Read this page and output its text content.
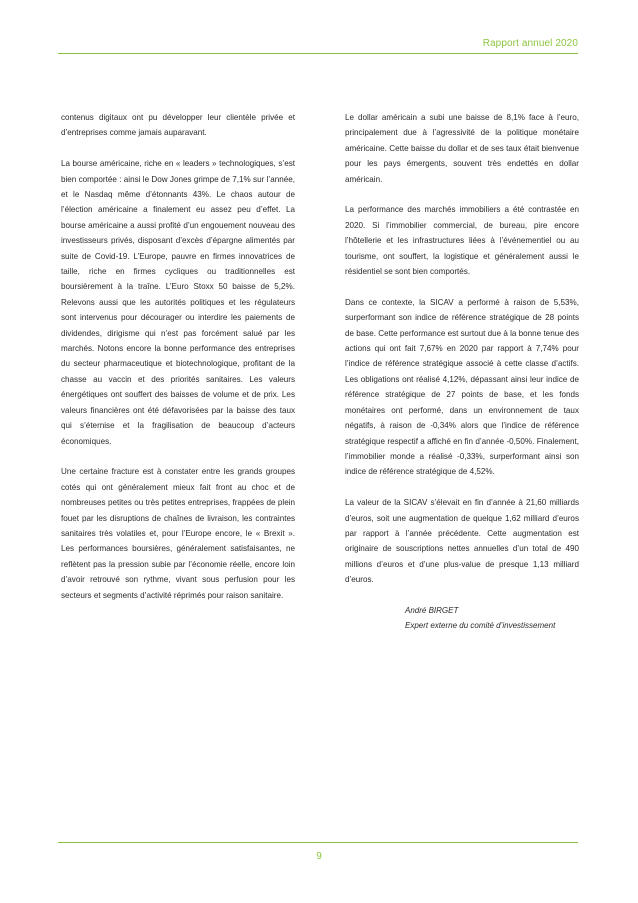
Rapport annuel 2020

contenus digitaux ont pu développer leur clientèle privée et d’entreprises comme jamais auparavant.

La bourse américaine, riche en « leaders » technologiques, s’est bien comportée : ainsi le Dow Jones grimpe de 7,1% sur l’année, et le Nasdaq même d’étonnants 43%. Le chaos autour de l’élection américaine a finalement eu assez peu d’effet. La bourse américaine a aussi profité d’un engouement nouveau des investisseurs privés, disposant d’excès d’épargne alimentés par suite de Covid-19. L’Europe, pauvre en firmes innovatrices de taille, riche en firmes cycliques ou traditionnelles est boursièrement à la traîne. L’Euro Stoxx 50 baisse de 5,2%. Relevons aussi que les autorités politiques et les régulateurs sont intervenus pour décourager ou interdire les paiements de dividendes, dirigisme qui n’est pas forcément salué par les marchés. Notons encore la bonne performance des entreprises du secteur pharmaceutique et biotechnologique, profitant de la chasse au vaccin et des priorités sanitaires. Les valeurs énergétiques ont souffert des baisses de volume et de prix. Les valeurs financières ont été défavorisées par la baisse des taux qui s’éternise et la fragilisation de beaucoup d’acteurs économiques.

Une certaine fracture est à constater entre les grands groupes cotés qui ont généralement mieux fait front au choc et de nombreuses petites ou très petites entreprises, frappées de plein fouet par les disruptions de chaînes de livraison, les contraintes sanitaires très volatiles et, pour l’Europe encore, le « Brexit ». Les performances boursières, généralement satisfaisantes, ne reflètent pas la pression subie par l’économie réelle, encore loin d’avoir retrouvé son rythme, vivant sous perfusion pour les secteurs et segments d’activité réprimés pour raison sanitaire.

Le dollar américain a subi une baisse de 8,1% face à l’euro, principalement due à l’agressivité de la politique monétaire américaine. Cette baisse du dollar et de ses taux était bienvenue pour les pays émergents, souvent très endettés en dollar américain.

La performance des marchés immobiliers a été contrastée en 2020. Si l’immobilier commercial, de bureau, pire encore l’hôtellerie et les infrastructures liées à l’événementiel ou au tourisme, ont souffert, la logistique et généralement aussi le résidentiel se sont bien comportés.

Dans ce contexte, la SICAV a performé à raison de 5,53%, surperformant son indice de référence stratégique de 28 points de base. Cette performance est surtout due à la bonne tenue des actions qui ont fait 7,67% en 2020 par rapport à 7,74% pour l’indice de référence stratégique associé à cette classe d’actifs. Les obligations ont réalisé 4,12%, dépassant ainsi leur indice de référence stratégique de 27 points de base, et les fonds monétaires ont performé, dans un environnement de taux négatifs, à raison de -0,34% alors que l’indice de référence stratégique respectif a affiché en fin d’année -0,50%. Finalement, l’immobilier monde a réalisé -0,33%, surperformant ainsi son indice de référence stratégique de 4,52%.

La valeur de la SICAV s’élevait en fin d’année à 21,60 milliards d’euros, soit une augmentation de quelque 1,62 milliard d’euros par rapport à l’année précédente. Cette augmentation est originaire de souscriptions nettes annuelles d’un total de 490 millions d’euros et d’une plus-value de presque 1,13 milliard d’euros.

André BIRGET
Expert externe du comité d’investissement
9
